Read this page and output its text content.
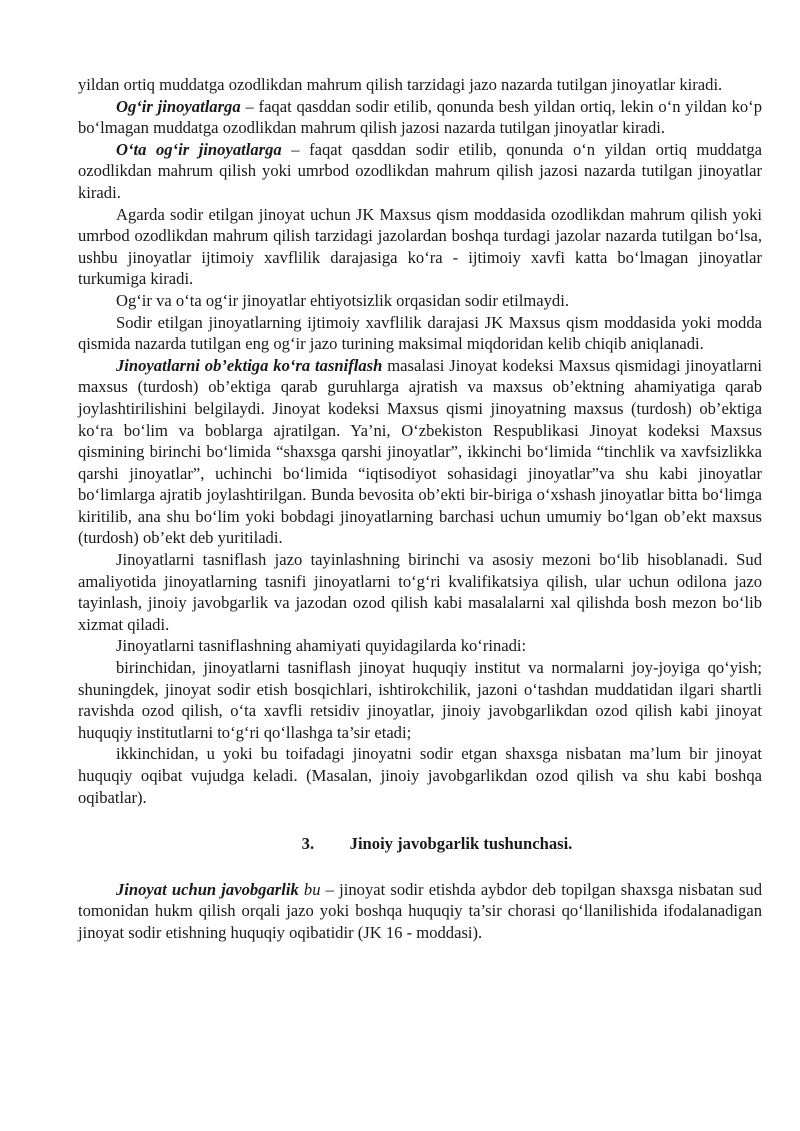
yildan ortiq muddatga ozodlikdan mahrum qilish tarzidagi jazo nazarda tutilgan jinoyatlar kiradi.

Og‘ir jinoyatlarga – faqat qasddan sodir etilib, qonunda besh yildan ortiq, lekin o‘n yildan ko‘p bo‘lmagan muddatga ozodlikdan mahrum qilish jazosi nazarda tutilgan jinoyatlar kiradi.

O‘ta og‘ir jinoyatlarga – faqat qasddan sodir etilib, qonunda o‘n yildan ortiq muddatga ozodlikdan mahrum qilish yoki umrbod ozodlikdan mahrum qilish jazosi nazarda tutilgan jinoyatlar kiradi.

Agarda sodir etilgan jinoyat uchun JK Maxsus qism moddasida ozodlikdan mahrum qilish yoki umrbod ozodlikdan mahrum qilish tarzidagi jazolardan boshqa turdagi jazolar nazarda tutilgan bo‘lsa, ushbu jinoyatlar ijtimoiy xavflilik darajasiga ko‘ra - ijtimoiy xavfi katta bo‘lmagan jinoyatlar turkumiga kiradi.

Og‘ir va o‘ta og‘ir jinoyatlar ehtiyotsizlik orqasidan sodir etilmaydi.

Sodir etilgan jinoyatlarning ijtimoiy xavflilik darajasi JK Maxsus qism moddasida yoki modda qismida nazarda tutilgan eng og‘ir jazo turining maksimal miqdoridan kelib chiqib aniqlanadi.

Jinoyatlarni ob’ektiga ko‘ra tasniflash masalasi Jinoyat kodeksi Maxsus qismidagi jinoyatlarni maxsus (turdosh) ob’ektiga qarab guruhlarga ajratish va maxsus ob’ektning ahamiyatiga qarab joylashtirilishini belgilaydi. Jinoyat kodeksi Maxsus qismi jinoyatning maxsus (turdosh) ob’ektiga ko‘ra bo‘lim va boblarga ajratilgan. Ya’ni, O‘zbekiston Respublikasi Jinoyat kodeksi Maxsus qismining birinchi bo‘limida “shaxsga qarshi jinoyatlar”, ikkinchi bo‘limida “tinchlik va xavfsizlikka qarshi jinoyatlar”, uchinchi bo‘limida “iqtisodiyot sohasidagi jinoyatlar”va shu kabi jinoyatlar bo‘limlarga ajratib joylashtirilgan. Bunda bevosita ob’ekti bir-biriga o‘xshash jinoyatlar bitta bo‘limga kiritilib, ana shu bo‘lim yoki bobdagi jinoyatlarning barchasi uchun umumiy bo‘lgan ob’ekt maxsus (turdosh) ob’ekt deb yuritiladi.

Jinoyatlarni tasniflash jazo tayinlashning birinchi va asosiy mezoni bo‘lib hisoblanadi. Sud amaliyotida jinoyatlarning tasnifi jinoyatlarni to‘g‘ri kvalifikatsiya qilish, ular uchun odilona jazo tayinlash, jinoiy javobgarlik va jazodan ozod qilish kabi masalalarni xal qilishda bosh mezon bo‘lib xizmat qiladi.

Jinoyatlarni tasniflashning ahamiyati quyidagilarda ko‘rinadi:

birinchidan, jinoyatlarni tasniflash jinoyat huquqiy institut va normalarni joy-joyiga qo‘yish; shuningdek, jinoyat sodir etish bosqichlari, ishtirokchilik, jazoni o‘tashdan muddatidan ilgari shartli ravishda ozod qilish, o‘ta xavfli retsidiv jinoyatlar, jinoiy javobgarlikdan ozod qilish kabi jinoyat huquqiy institutlarni to‘g‘ri qo‘llashga ta’sir etadi;

ikkinchidan, u yoki bu toifadagi jinoyatni sodir etgan shaxsga nisbatan ma’lum bir jinoyat huquqiy oqibat vujudga keladi. (Masalan, jinoiy javobgarlikdan ozod qilish va shu kabi boshqa oqibatlar).

3. Jinoiy javobgarlik tushunchasi.

Jinoyat uchun javobgarlik bu – jinoyat sodir etishda aybdor deb topilgan shaxsga nisbatan sud tomonidan hukm qilish orqali jazo yoki boshqa huquqiy ta’sir chorasi qo‘llanilishida ifodalanadigan jinoyat sodir etishning huquqiy oqibatidir (JK 16 - moddasi).
